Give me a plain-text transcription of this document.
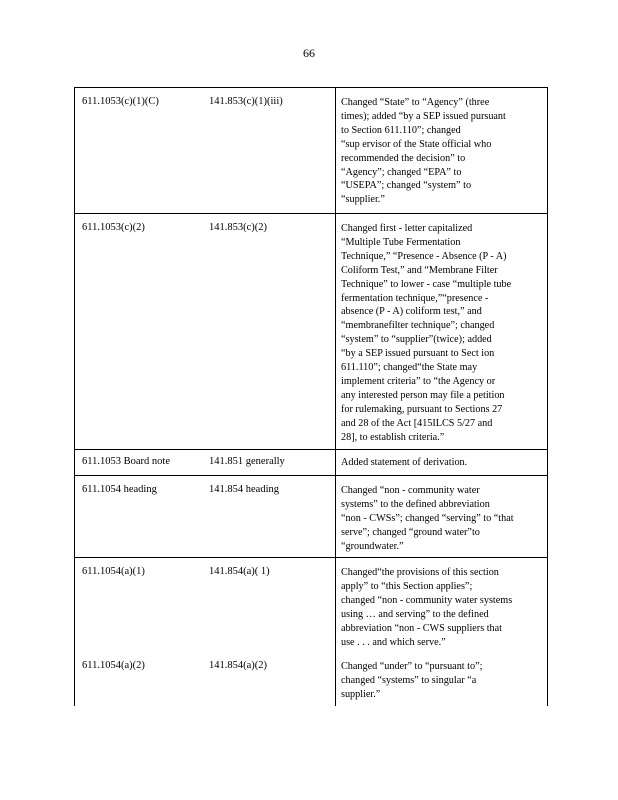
66
611.1053(c)(1)(C)	141.853(c)(1)(iii)	Changed “State” to “Agency” (three
times); added “by a SEP issued pursuant
to Section 611.110”; changed
“sup ervisor of the State official who
recommended the decision” to
“Agency”; changed “EPA” to
“USEPA”; changed “system” to
“supplier.”
611.1053(c)(2)	141.853(c)(2)	Changed first - letter capitalized
“Multiple Tube Fermentation
Technique,” “Presence - Absence (P - A)
Coliform Test,” and “Membrane Filter
Technique” to lower - case “multiple tube
fermentation technique,”“presence -
absence (P - A) coliform test,” and
“membranefilter technique”; changed
“system” to “supplier”(twice); added
“by a SEP issued pursuant to Sect ion
611.110”; changed“the State may
implement criteria” to “the Agency or
any interested person may file a petition
for rulemaking, pursuant to Sections 27
and 28 of the Act [415ILCS 5/27 and
28], to establish criteria.”
611.1053 Board note	141.851 generally	Added statement of derivation.
611.1054 heading	141.854 heading	Changed “non - community water
systems” to the defined abbreviation
“non - CWSs”; changed “serving” to “that
serve”; changed “ground water”to
“groundwater.”
611.1054(a)(1)	141.854(a)( 1)	Changed“the provisions of this section
apply” to “this Section applies”;
changed “non - community water systems
using … and serving” to the defined
abbreviation “non - CWS suppliers that
use . . . and which serve.”
611.1054(a)(2)	141.854(a)(2)	Changed “under” to “pursuant to”;
changed “systems” to singular “a
supplier.”
